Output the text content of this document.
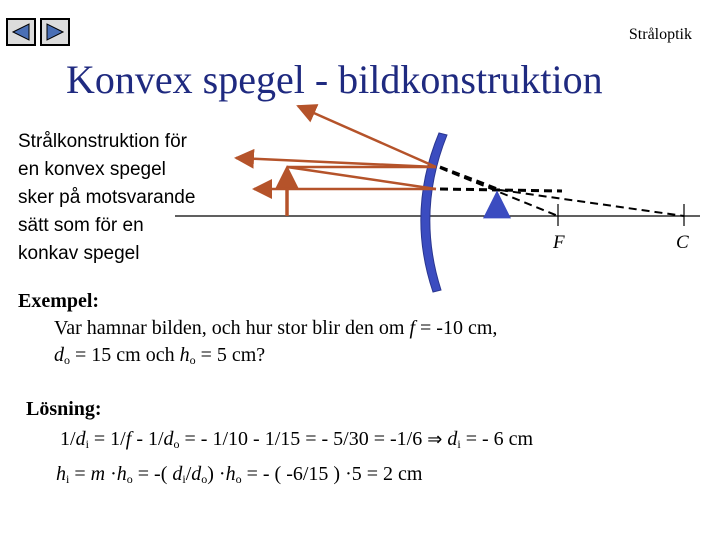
Stråloptik
Konvex spegel - bildkonstruktion
Strålkonstruktion för
en konvex spegel
sker på motsvarande
sätt som för en
konkav spegel
F	C
Exempel:
Var hamnar bilden, och hur stor blir den om f = -10 cm,
$d_o = 15$ cm och $h_o = 5$ cm?
Lösning:
$1/d_i = 1/f - 1/d_o$ = - 1/10 - 1/15 = - 5/30 = -1/6 ⇒ $d_i$ = - 6 cm
$h_i = m \cdot h_o$ = -( $d_i/d_o) \cdot h_o$ = - ( -6/15 ) ·5 = 2 cm
